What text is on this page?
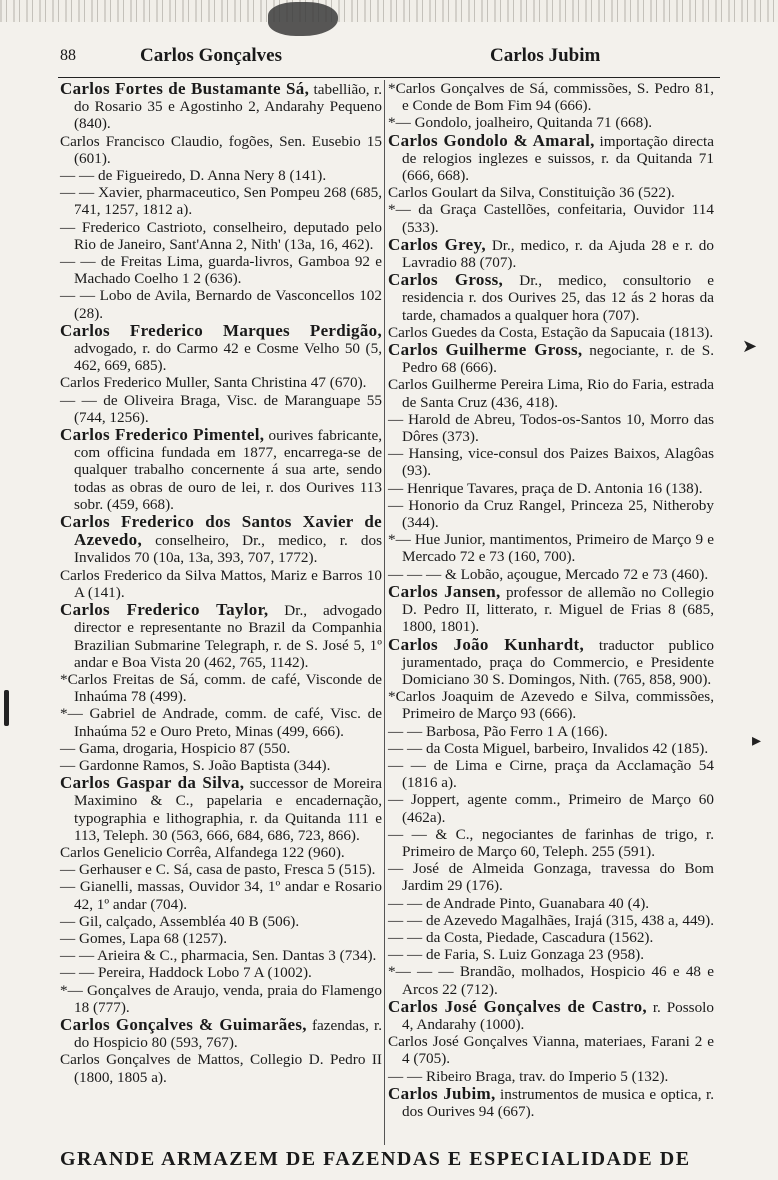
88	Carlos Gonçalves	Carlos Jubim

Carlos Fortes de Bustamante Sá, tabellião, r. do Rosario 35 e Agostinho 2, Andarahy Pequeno (840).

Carlos Francisco Claudio, fogões, Sen. Eusebio 15 (601).

— — de Figueiredo, D. Anna Nery 8 (141).

— — Xavier, pharmaceutico, Sen Pompeu 268 (685, 741, 1257, 1812 a).

— Frederico Castrioto, conselheiro, deputado pelo Rio de Janeiro, Sant'Anna 2, Nith' (13a, 16, 462).

— — de Freitas Lima, guarda-livros, Gamboa 92 e Machado Coelho 1 2 (636).

— — Lobo de Avila, Bernardo de Vasconcellos 102 (28).

Carlos Frederico Marques Perdigão, advogado, r. do Carmo 42 e Cosme Velho 50 (5, 462, 669, 685).

Carlos Frederico Muller, Santa Christina 47 (670).

— — de Oliveira Braga, Visc. de Maranguape 55 (744, 1256).

Carlos Frederico Pimentel, ourives fabricante, com officina fundada em 1877, encarrega-se de qualquer trabalho concernente á sua arte, sendo todas as obras de ouro de lei, r. dos Ourives 113 sobr. (459, 668).

Carlos Frederico dos Santos Xavier de Azevedo, conselheiro, Dr., medico, r. dos Invalidos 70 (10a, 13a, 393, 707, 1772).

Carlos Frederico da Silva Mattos, Mariz e Barros 10 A (141).

Carlos Frederico Taylor, Dr., advogado director e representante no Brazil da Companhia Brazilian Submarine Telegraph, r. de S. José 5, 1º andar e Boa Vista 20 (462, 765, 1142).

*Carlos Freitas de Sá, comm. de café, Visconde de Inhaúma 78 (499).

*— Gabriel de Andrade, comm. de café, Visc. de Inhaúma 52 e Ouro Preto, Minas (499, 666).

— Gama, drogaria, Hospicio 87 (550.

— Gardonne Ramos, S. João Baptista (344).

Carlos Gaspar da Silva, successor de Moreira Maximino & C., papelaria e encadernação, typographia e lithographia, r. da Quitanda 111 e 113, Teleph. 30 (563, 666, 684, 686, 723, 866).

Carlos Genelicio Corrêa, Alfandega 122 (960).

— Gerhauser e C. Sá, casa de pasto, Fresca 5 (515).

— Gianelli, massas, Ouvidor 34, 1º andar e Rosario 42, 1º andar (704).

— Gil, calçado, Assembléa 40 B (506).

— Gomes, Lapa 68 (1257).

— — Arieira & C., pharmacia, Sen. Dantas 3 (734).

— — Pereira, Haddock Lobo 7 A (1002).

*— Gonçalves de Araujo, venda, praia do Flamengo 18 (777).

Carlos Gonçalves & Guimarães, fazendas, r. do Hospicio 80 (593, 767).

Carlos Gonçalves de Mattos, Collegio D. Pedro II (1800, 1805 a).

*Carlos Gonçalves de Sá, commissões, S. Pedro 81, e Conde de Bom Fim 94 (666).

*— Gondolo, joalheiro, Quitanda 71 (668).

Carlos Gondolo & Amaral, importação directa de relogios inglezes e suissos, r. da Quitanda 71 (666, 668).

Carlos Goulart da Silva, Constituição 36 (522).

*— da Graça Castellões, confeitaria, Ouvidor 114 (533).

Carlos Grey, Dr., medico, r. da Ajuda 28 e r. do Lavradio 88 (707).

Carlos Gross, Dr., medico, consultorio e residencia r. dos Ourives 25, das 12 ás 2 horas da tarde, chamados a qualquer hora (707).

Carlos Guedes da Costa, Estação da Sapucaia (1813).

Carlos Guilherme Gross, negociante, r. de S. Pedro 68 (666).

Carlos Guilherme Pereira Lima, Rio do Faria, estrada de Santa Cruz (436, 418).

— Harold de Abreu, Todos-os-Santos 10, Morro das Dôres (373).

— Hansing, vice-consul dos Paizes Baixos, Alagôas (93).

— Henrique Tavares, praça de D. Antonia 16 (138).

— Honorio da Cruz Rangel, Princeza 25, Nitheroby (344).

*— Hue Junior, mantimentos, Primeiro de Março 9 e Mercado 72 e 73 (160, 700).

— — — & Lobão, açougue, Mercado 72 e 73 (460).

Carlos Jansen, professor de allemão no Collegio D. Pedro II, litterato, r. Miguel de Frias 8 (685, 1800, 1801).

Carlos João Kunhardt, traductor publico juramentado, praça do Commercio, e Presidente Domiciano 30 S. Domingos, Nith. (765, 858, 900).

*Carlos Joaquim de Azevedo e Silva, commissões, Primeiro de Março 93 (666).

— — Barbosa, Pão Ferro 1 A (166).

— — da Costa Miguel, barbeiro, Invalidos 42 (185).

— — de Lima e Cirne, praça da Acclamação 54 (1816 a).

— Joppert, agente comm., Primeiro de Março 60 (462a).

— — & C., negociantes de farinhas de trigo, r. Primeiro de Março 60, Teleph. 255 (591).

— José de Almeida Gonzaga, travessa do Bom Jardim 29 (176).

— — de Andrade Pinto, Guanabara 40 (4).

— — de Azevedo Magalhães, Irajá (315, 438 a, 449).

— — da Costa, Piedade, Cascadura (1562).

— — de Faria, S. Luiz Gonzaga 23 (958).

*— — — Brandão, molhados, Hospicio 46 e 48 e Arcos 22 (712).

Carlos José Gonçalves de Castro, r. Possolo 4, Andarahy (1000).

Carlos José Gonçalves Vianna, materiaes, Farani 2 e 4 (705).

— — Ribeiro Braga, trav. do Imperio 5 (132).

Carlos Jubim, instrumentos de musica e optica, r. dos Ourives 94 (667).

GRANDE ARMAZEM DE FAZENDAS E ESPECIALIDADE DE
➤
▸
